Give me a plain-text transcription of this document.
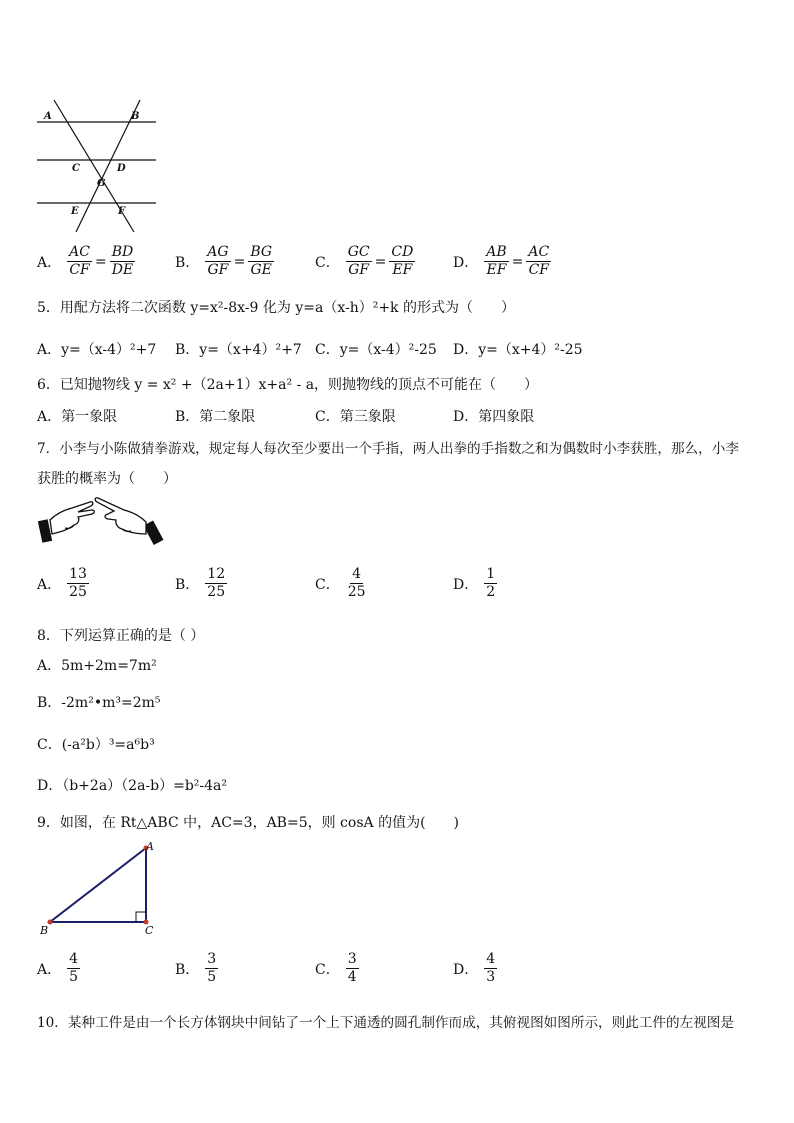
A	B
C	D
G
E	F
A． $\frac{AC}{CF} = \frac{BD}{DE}$	B． $\frac{AG}{GF} = \frac{BG}{GE}$	C． $\frac{GC}{GF} = \frac{CD}{EF}$	D． $\frac{AB}{EF} = \frac{AC}{CF}$
5．用配方法将二次函数 y=x²-8x-9 化为 y=a（x-h）²+k 的形式为（　　）
A．y=（x-4）²+7 B．y=（x+4）²+7 C．y=（x-4）²-25 D．y=（x+4）²-25
6．已知抛物线 y = x² +（2a+1）x+a² - a，则抛物线的顶点不可能在（　　）
A．第一象限	B．第二象限	C．第三象限	D．第四象限
7．小李与小陈做猜拳游戏，规定每人每次至少要出一个手指，两人出拳的手指数之和为偶数时小李获胜，那么，小李
获胜的概率为（　　）
A． $\frac{13}{25}$	B． $\frac{12}{25}$	C． $\frac{4}{25}$	D． $\frac{1}{2}$
8．下列运算正确的是（ ）
A．5m+2m=7m²
B．-2m²•m³=2m⁵
C．(-a²b）³=a⁶b³
D．（b+2a）（2a-b）=b²-4a²
9．如图，在 Rt△ABC 中，AC=3，AB=5，则 cosA 的值为(　　)
A
B	C
A． $\frac{4}{5}$	B． $\frac{3}{5}$	C． $\frac{3}{4}$	D． $\frac{4}{3}$
10．某种工件是由一个长方体钢块中间钻了一个上下通透的圆孔制作而成，其俯视图如图所示，则此工件的左视图是
